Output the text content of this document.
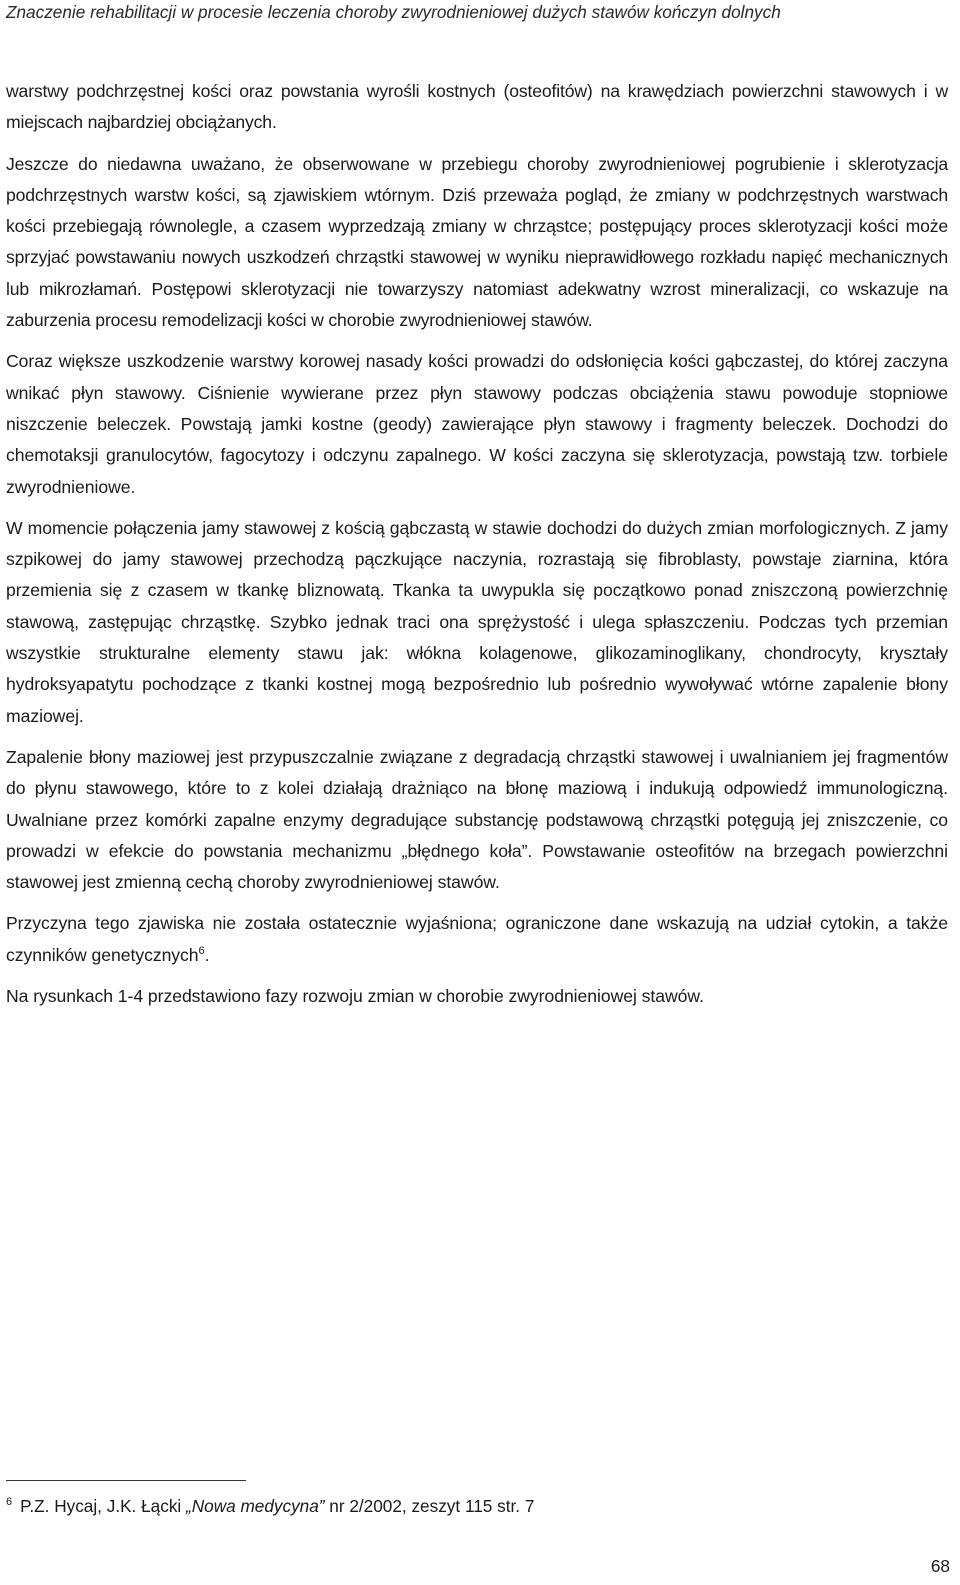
Znaczenie rehabilitacji w procesie leczenia choroby zwyrodnieniowej dużych stawów kończyn dolnych

warstwy podchrzęstnej kości oraz powstania wyrośli kostnych (osteofitów) na krawędziach powierzchni stawowych i w miejscach najbardziej obciążanych.

Jeszcze do niedawna uważano, że obserwowane w przebiegu choroby zwyrodnieniowej pogrubienie i sklerotyzacja podchrzęstnych warstw kości, są zjawiskiem wtórnym. Dziś przeważa pogląd, że zmiany w podchrzęstnych warstwach kości przebiegają równolegle, a czasem wyprzedzają zmiany w chrząstce; postępujący proces sklerotyzacji kości może sprzyjać powstawaniu nowych uszkodzeń chrząstki stawowej w wyniku nieprawidłowego rozkładu napięć mechanicznych lub mikrozłamań. Postępowi sklerotyzacji nie towarzyszy natomiast adekwatny wzrost mineralizacji, co wskazuje na zaburzenia procesu remodelizacji kości w chorobie zwyrodnieniowej stawów.

Coraz większe uszkodzenie warstwy korowej nasady kości prowadzi do odsłonięcia kości gąbczastej, do której zaczyna wnikać płyn stawowy. Ciśnienie wywierane przez płyn stawowy podczas obciążenia stawu powoduje stopniowe niszczenie beleczek. Powstają jamki kostne (geody) zawierające płyn stawowy i fragmenty beleczek. Dochodzi do chemotaksji granulocytów, fagocytozy i odczynu zapalnego. W kości zaczyna się sklerotyzacja, powstają tzw. torbiele zwyrodnieniowe.

W momencie połączenia jamy stawowej z kością gąbczastą w stawie dochodzi do dużych zmian morfologicznych. Z jamy szpikowej do jamy stawowej przechodzą pączkujące naczynia, rozrastają się fibroblasty, powstaje ziarnina, która przemienia się z czasem w tkankę bliznowatą. Tkanka ta uwypukla się początkowo ponad zniszczoną powierzchnię stawową, zastępując chrząstkę. Szybko jednak traci ona sprężystość i ulega spłaszczeniu. Podczas tych przemian wszystkie strukturalne elementy stawu jak: włókna kolagenowe, glikozaminoglikany, chondrocyty, kryształy hydroksyapatytu pochodzące z tkanki kostnej mogą bezpośrednio lub pośrednio wywoływać wtórne zapalenie błony maziowej.

Zapalenie błony maziowej jest przypuszczalnie związane z degradacją chrząstki stawowej i uwalnianiem jej fragmentów do płynu stawowego, które to z kolei działają drażniąco na błonę maziową i indukują odpowiedź immunologiczną. Uwalniane przez komórki zapalne enzymy degradujące substancję podstawową chrząstki potęgują jej zniszczenie, co prowadzi w efekcie do powstania mechanizmu „błędnego koła”. Powstawanie osteofitów na brzegach powierzchni stawowej jest zmienną cechą choroby zwyrodnieniowej stawów.

Przyczyna tego zjawiska nie została ostatecznie wyjaśniona; ograniczone dane wskazują na udział cytokin, a także czynników genetycznych$^6$.

Na rysunkach 1-4 przedstawiono fazy rozwoju zmian w chorobie zwyrodnieniowej stawów.

$^6$ P.Z. Hycaj, J.K. Łącki „Nowa medycyna” nr 2/2002, zeszyt 115 str. 7
68
